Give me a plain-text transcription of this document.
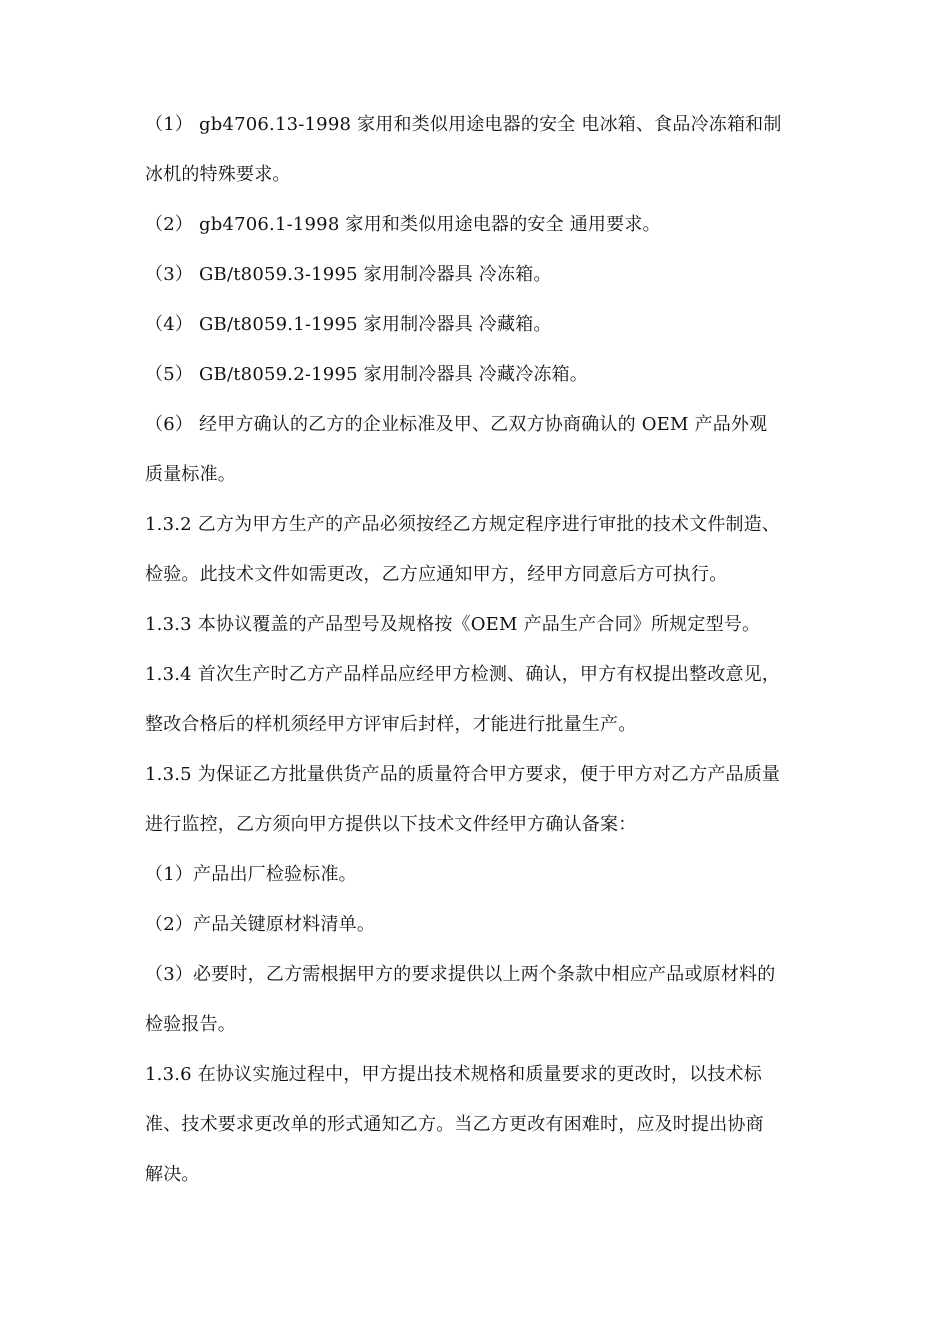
（1） gb4706.13-1998 家用和类似用途电器的安全 电冰箱、食品冷冻箱和制
冰机的特殊要求。
（2） gb4706.1-1998 家用和类似用途电器的安全 通用要求。
（3） GB/t8059.3-1995 家用制冷器具 冷冻箱。
（4） GB/t8059.1-1995 家用制冷器具 冷藏箱。
（5） GB/t8059.2-1995 家用制冷器具 冷藏冷冻箱。
（6） 经甲方确认的乙方的企业标准及甲、乙双方协商确认的 OEM 产品外观
质量标准。
1.3.2 乙方为甲方生产的产品必须按经乙方规定程序进行审批的技术文件制造、
检验。此技术文件如需更改，乙方应通知甲方，经甲方同意后方可执行。
1.3.3 本协议覆盖的产品型号及规格按《OEM 产品生产合同》所规定型号。
1.3.4 首次生产时乙方产品样品应经甲方检测、确认，甲方有权提出整改意见，
整改合格后的样机须经甲方评审后封样，才能进行批量生产。
1.3.5 为保证乙方批量供货产品的质量符合甲方要求，便于甲方对乙方产品质量
进行监控，乙方须向甲方提供以下技术文件经甲方确认备案：
（1）产品出厂检验标准。
（2）产品关键原材料清单。
（3）必要时，乙方需根据甲方的要求提供以上两个条款中相应产品或原材料的
检验报告。
1.3.6 在协议实施过程中，甲方提出技术规格和质量要求的更改时，以技术标
准、技术要求更改单的形式通知乙方。当乙方更改有困难时，应及时提出协商
解决。
